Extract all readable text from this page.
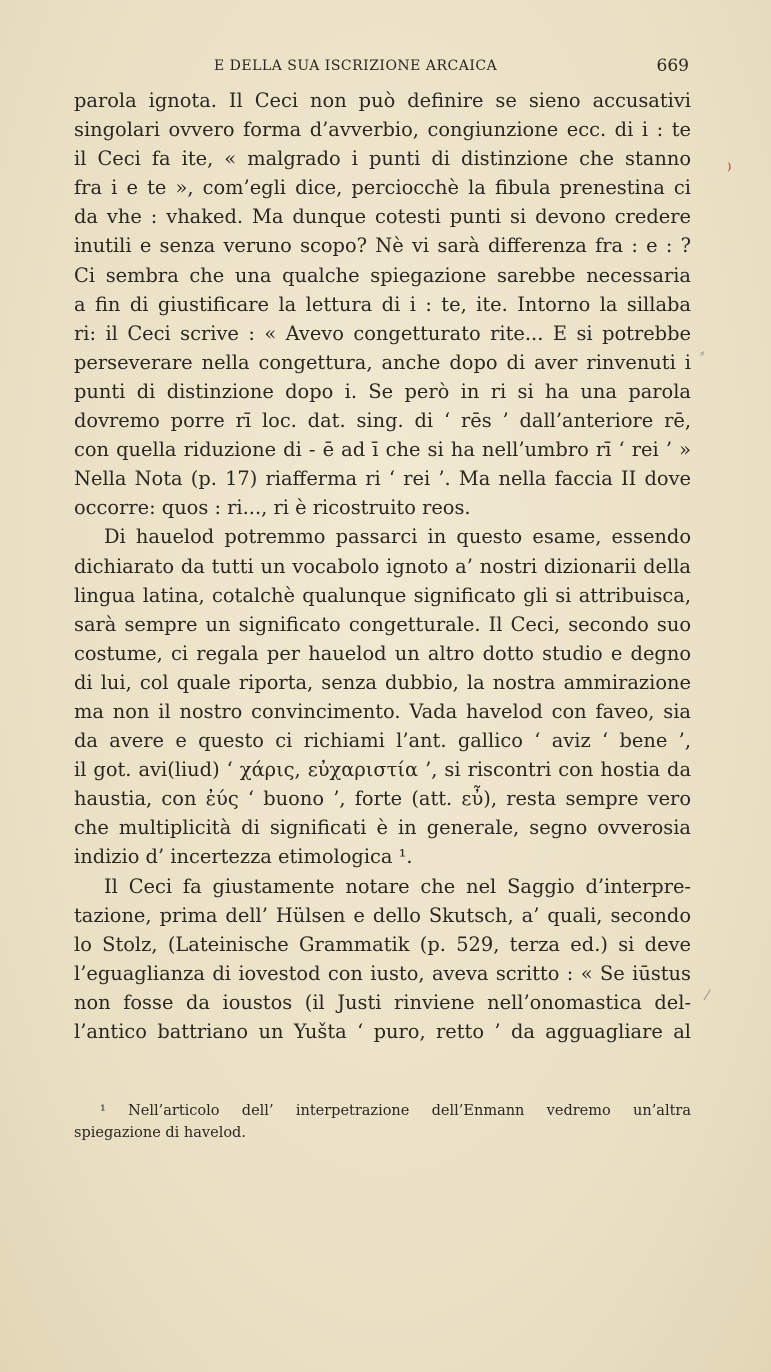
E DELLA SUA ISCRIZIONE ARCAICA	669
parola ignota. Il Ceci non può definire se sieno accusativi
singolari ovvero forma d’avverbio, congiunzione ecc. di i : te
il Ceci fa ite, « malgrado i punti di distinzione che stanno
fra i e te », com’egli dice, perciocchè la fibula prenestina ci
da vhe : vhaked. Ma dunque cotesti punti si devono credere
inutili e senza veruno scopo? Nè vi sarà differenza fra : e : ?
Ci sembra che una qualche spiegazione sarebbe necessaria
a fin di giustificare la lettura di i : te, ite. Intorno la sillaba
ri: il Ceci scrive : « Avevo congetturato rite... E si potrebbe
perseverare nella congettura, anche dopo di aver rinvenuti i
punti di distinzione dopo i. Se però in ri si ha una parola
dovremo porre rī loc. dat. sing. di ‘ rēs ’ dall’anteriore rē,
con quella riduzione di - ē ad ī che si ha nell’umbro rī ‘ rei ’ »
Nella Nota (p. 17) riafferma ri ‘ rei ’. Ma nella faccia II dove
occorre: quos : ri..., ri è ricostruito reos.
Di hauelod potremmo passarci in questo esame, essendo
dichiarato da tutti un vocabolo ignoto a’ nostri dizionarii della
lingua latina, cotalchè qualunque significato gli si attribuisca,
sarà sempre un significato congetturale. Il Ceci, secondo suo
costume, ci regala per hauelod un altro dotto studio e degno
di lui, col quale riporta, senza dubbio, la nostra ammirazione
ma non il nostro convincimento. Vada havelod con faveo, sia
da avere e questo ci richiami l’ant. gallico ‘ aviz ‘ bene ’,
il got. avi(liud) ‘ χάρις, εὐχαριστία ’, si riscontri con hostia da
haustia, con ἐύς ‘ buono ’, forte (att. εὖ), resta sempre vero
che multiplicità di significati è in generale, segno ovverosia
indizio d’ incertezza etimologica ¹.
Il Ceci fa giustamente notare che nel Saggio d’interpre-
tazione, prima dell’ Hülsen e dello Skutsch, a’ quali, secondo
lo Stolz, (Lateinische Grammatik (p. 529, terza ed.) si deve
l’eguaglianza di iovestod con iusto, aveva scritto : « Se iūstus
non fosse da ioustos (il Justi rinviene nell’onomastica del-
l’antico battriano un Yušta ‘ puro, retto ’ da agguagliare al
¹ Nell’articolo dell’ interpetrazione dell’Enmann vedremo un’altra
spiegazione di havelod.
⁾
⸗
⁄
